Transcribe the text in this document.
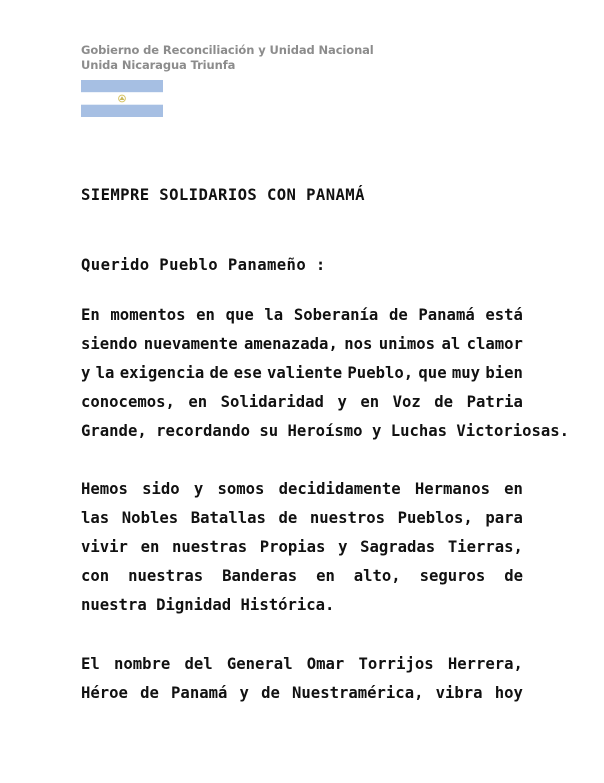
Gobierno de Reconciliación y Unidad Nacional
Unida Nicaragua Triunfa
SIEMPRE SOLIDARIOS CON PANAMÁ
Querido Pueblo Panameño :
En momentos en que la Soberanía de Panamá está
siendo nuevamente amenazada, nos unimos al clamor
y la exigencia de ese valiente Pueblo, que muy bien
conocemos, en Solidaridad y en Voz de Patria
Grande, recordando su Heroísmo y Luchas Victoriosas.
Hemos sido y somos decididamente Hermanos en
las Nobles Batallas de nuestros Pueblos, para
vivir en nuestras Propias y Sagradas Tierras,
con nuestras Banderas en alto, seguros de
nuestra Dignidad Histórica.
El nombre del General Omar Torrijos Herrera,
Héroe de Panamá y de Nuestramérica, vibra hoy
